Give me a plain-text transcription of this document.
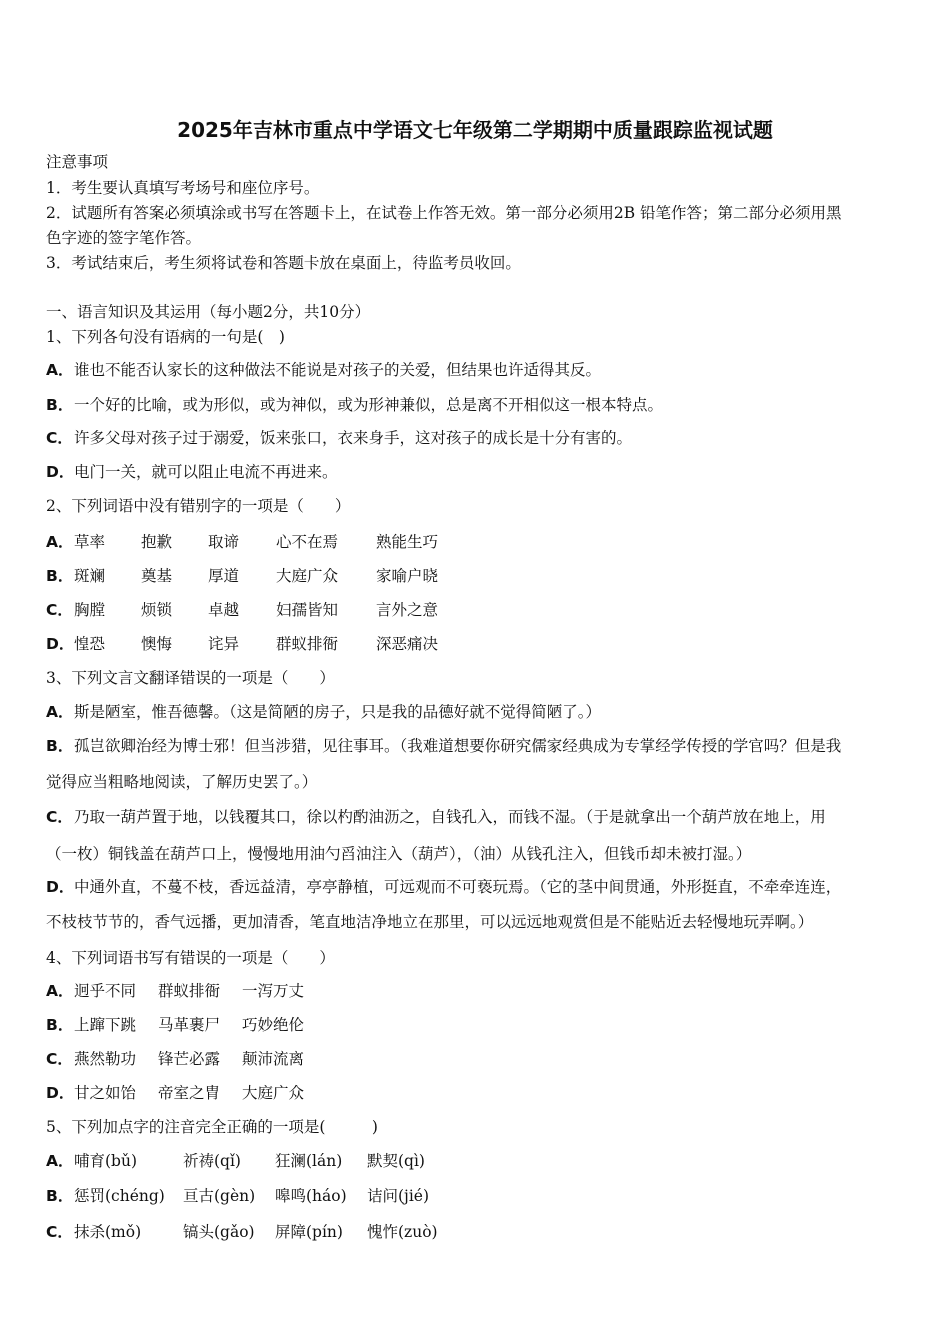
2025年吉林市重点中学语文七年级第二学期期中质量跟踪监视试题
注意事项
1．考生要认真填写考场号和座位序号。
2．试题所有答案必须填涂或书写在答题卡上，在试卷上作答无效。第一部分必须用2B 铅笔作答；第二部分必须用黑
色字迹的签字笔作答。
3．考试结束后，考生须将试卷和答题卡放在桌面上，待监考员收回。
一、语言知识及其运用（每小题2分，共10分）
1、下列各句没有语病的一句是(　)
A．谁也不能否认家长的这种做法不能说是对孩子的关爱，但结果也许适得其反。
B．一个好的比喻，或为形似，或为神似，或为形神兼似，总是离不开相似这一根本特点。
C．许多父母对孩子过于溺爱，饭来张口，衣来身手，这对孩子的成长是十分有害的。
D．电门一关，就可以阻止电流不再进来。
2、下列词语中没有错别字的一项是（　　）
A． 草率 抱歉 取谛 心不在焉 熟能生巧
B． 斑斓 奠基 厚道 大庭广众 家喻户晓
C． 胸膛 烦锁 卓越 妇孺皆知 言外之意
D． 惶恐 懊悔 诧异 群蚁排衙 深恶痛决
3、下列文言文翻译错误的一项是（　　）
A．斯是陋室，惟吾德馨。（这是简陋的房子，只是我的品德好就不觉得简陋了。）
B．孤岂欲卿治经为博士邪！但当涉猎，见往事耳。（我难道想要你研究儒家经典成为专掌经学传授的学官吗？但是我
觉得应当粗略地阅读，了解历史罢了。）
C．乃取一葫芦置于地，以钱覆其口，徐以杓酌油沥之，自钱孔入，而钱不湿。（于是就拿出一个葫芦放在地上，用
（一枚）铜钱盖在葫芦口上，慢慢地用油勺舀油注入（葫芦），（油）从钱孔注入，但钱币却未被打湿。）
D．中通外直，不蔓不枝，香远益清，亭亭静植，可远观而不可亵玩焉。（它的茎中间贯通，外形挺直，不牵牵连连，
不枝枝节节的，香气远播，更加清香，笔直地洁净地立在那里，可以远远地观赏但是不能贴近去轻慢地玩弄啊。）
4、下列词语书写有错误的一项是（　　）
A． 迥乎不同 群蚁排衙 一泻万丈
B． 上蹿下跳 马革裹尸 巧妙绝伦
C． 燕然勒功 锋芒必露 颠沛流离
D． 甘之如饴 帝室之胄 大庭广众
5、下列加点字的注音完全正确的一项是(　　　)
A． 哺育(bǔ)	祈祷(qǐ) 狂澜(lán) 默契(qì)
B． 惩罚(chéng) 亘古(gèn) 嗥鸣(háo) 诘问(jié)
C． 抹杀(mǒ)	镐头(gǎo) 屏障(pín) 愧怍(zuò)
